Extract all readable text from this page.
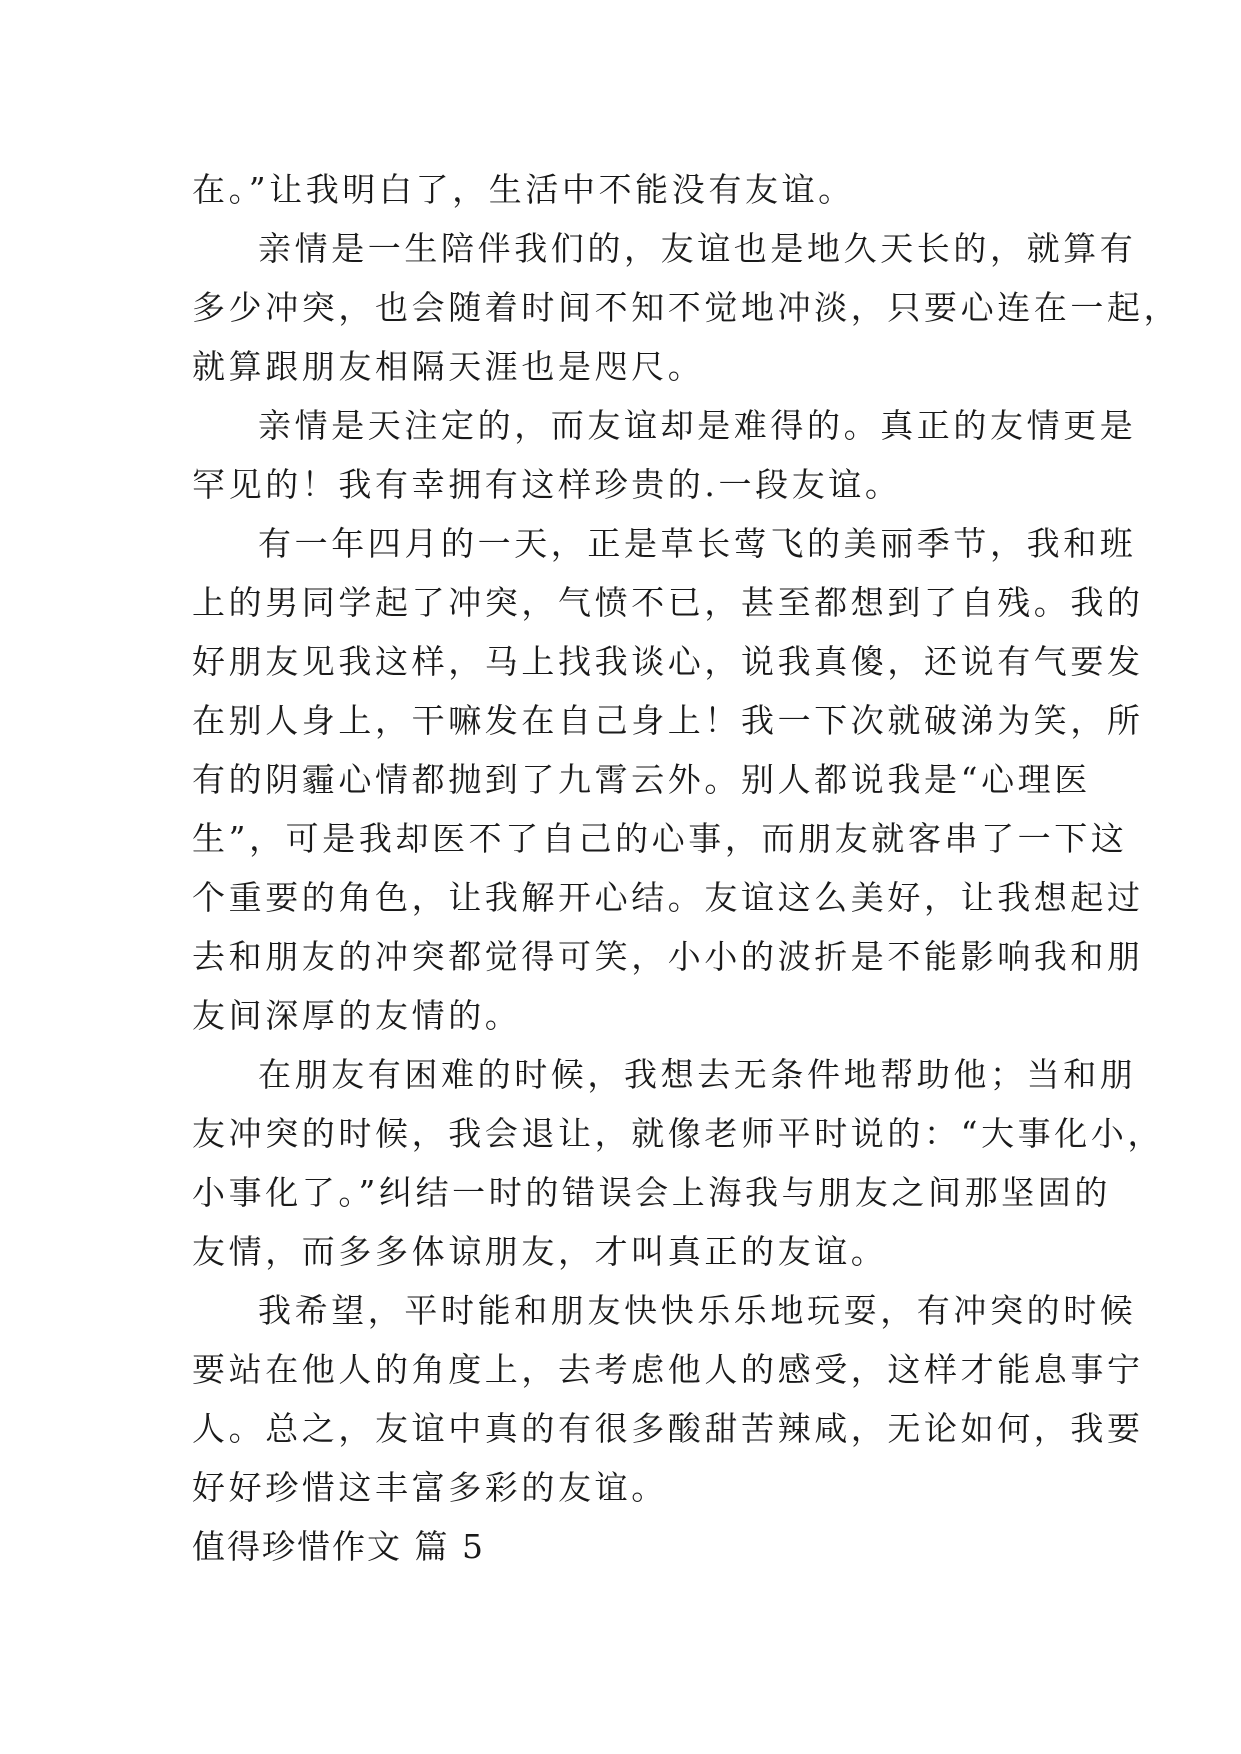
在。”让我明白了，生活中不能没有友谊。
亲情是一生陪伴我们的，友谊也是地久天长的，就算有
多少冲突，也会随着时间不知不觉地冲淡，只要心连在一起，
就算跟朋友相隔天涯也是咫尺。
亲情是天注定的，而友谊却是难得的。真正的友情更是
罕见的！我有幸拥有这样珍贵的.一段友谊。
有一年四月的一天，正是草长莺飞的美丽季节，我和班
上的男同学起了冲突，气愤不已，甚至都想到了自残。我的
好朋友见我这样，马上找我谈心，说我真傻，还说有气要发
在别人身上，干嘛发在自己身上！我一下次就破涕为笑，所
有的阴霾心情都抛到了九霄云外。别人都说我是“心理医
生”，可是我却医不了自己的心事，而朋友就客串了一下这
个重要的角色，让我解开心结。友谊这么美好，让我想起过
去和朋友的冲突都觉得可笑，小小的波折是不能影响我和朋
友间深厚的友情的。
在朋友有困难的时候，我想去无条件地帮助他；当和朋
友冲突的时候，我会退让，就像老师平时说的：“大事化小，
小事化了。”纠结一时的错误会上海我与朋友之间那坚固的
友情，而多多体谅朋友，才叫真正的友谊。
我希望，平时能和朋友快快乐乐地玩耍，有冲突的时候
要站在他人的角度上，去考虑他人的感受，这样才能息事宁
人。总之，友谊中真的有很多酸甜苦辣咸，无论如何，我要
好好珍惜这丰富多彩的友谊。
值得珍惜作文 篇 5
